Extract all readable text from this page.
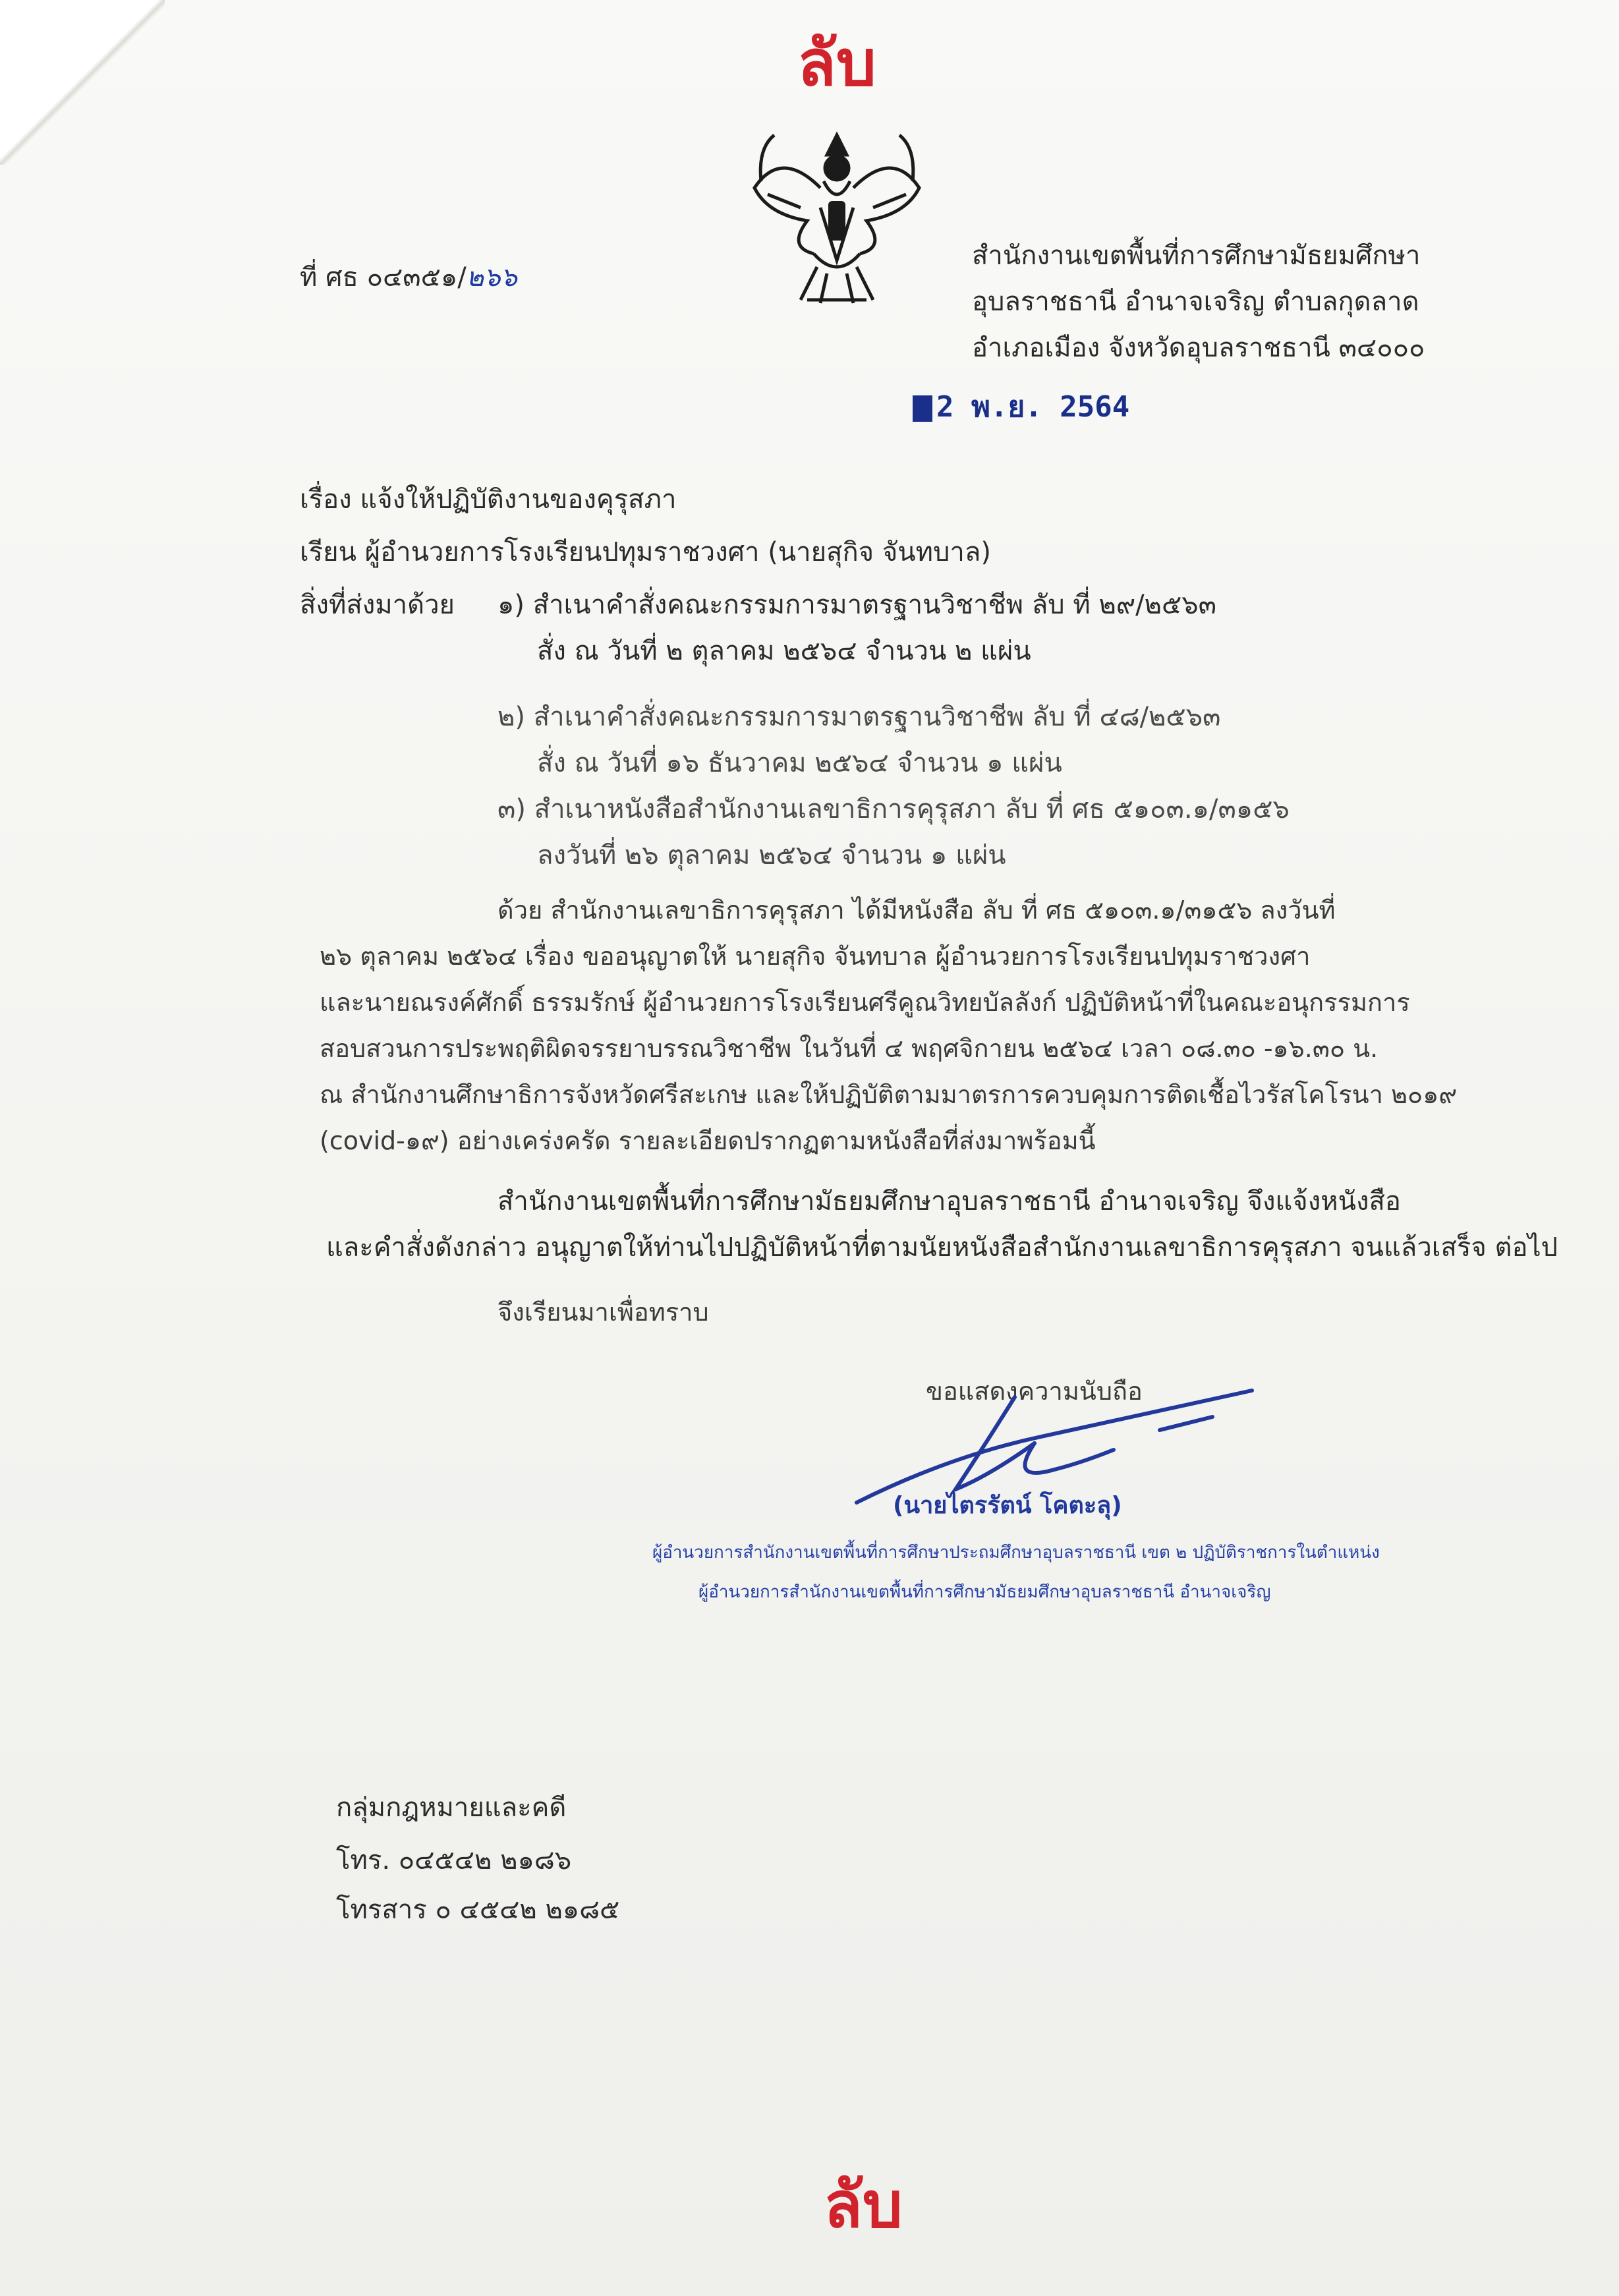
ลับ
ที่ ศธ ๐๔๓๕๑/๒๖๖
สำนักงานเขตพื้นที่การศึกษามัธยมศึกษา
อุบลราชธานี อำนาจเจริญ ตำบลกุดลาด
อำเภอเมือง จังหวัดอุบลราชธานี ๓๔๐๐๐
2 พ.ย. 2564
เรื่อง แจ้งให้ปฏิบัติงานของคุรุสภา
เรียน ผู้อำนวยการโรงเรียนปทุมราชวงศา (นายสุกิจ จันทบาล)
สิ่งที่ส่งมาด้วย ๑) สำเนาคำสั่งคณะกรรมการมาตรฐานวิชาชีพ ลับ ที่ ๒๙/๒๕๖๓
สั่ง ณ วันที่ ๒ ตุลาคม ๒๕๖๔ จำนวน ๒ แผ่น
๒) สำเนาคำสั่งคณะกรรมการมาตรฐานวิชาชีพ ลับ ที่ ๔๘/๒๕๖๓
สั่ง ณ วันที่ ๑๖ ธันวาคม ๒๕๖๔ จำนวน ๑ แผ่น
๓) สำเนาหนังสือสำนักงานเลขาธิการคุรุสภา ลับ ที่ ศธ ๕๑๐๓.๑/๓๑๕๖
ลงวันที่ ๒๖ ตุลาคม ๒๕๖๔ จำนวน ๑ แผ่น
ด้วย สำนักงานเลขาธิการคุรุสภา ได้มีหนังสือ ลับ ที่ ศธ ๕๑๐๓.๑/๓๑๕๖ ลงวันที่
๒๖ ตุลาคม ๒๕๖๔ เรื่อง ขออนุญาตให้ นายสุกิจ จันทบาล ผู้อำนวยการโรงเรียนปทุมราชวงศา
และนายณรงค์ศักดิ์ ธรรมรักษ์ ผู้อำนวยการโรงเรียนศรีคูณวิทยบัลลังก์ ปฏิบัติหน้าที่ในคณะอนุกรรมการ
สอบสวนการประพฤติผิดจรรยาบรรณวิชาชีพ ในวันที่ ๔ พฤศจิกายน ๒๕๖๔ เวลา ๐๘.๓๐ -๑๖.๓๐ น.
ณ สำนักงานศึกษาธิการจังหวัดศรีสะเกษ และให้ปฏิบัติตามมาตรการควบคุมการติดเชื้อไวรัสโคโรนา ๒๐๑๙
(covid-๑๙) อย่างเคร่งครัด รายละเอียดปรากฏตามหนังสือที่ส่งมาพร้อมนี้
สำนักงานเขตพื้นที่การศึกษามัธยมศึกษาอุบลราชธานี อำนาจเจริญ จึงแจ้งหนังสือ
และคำสั่งดังกล่าว อนุญาตให้ท่านไปปฏิบัติหน้าที่ตามนัยหนังสือสำนักงานเลขาธิการคุรุสภา จนแล้วเสร็จ ต่อไป
จึงเรียนมาเพื่อทราบ
ขอแสดงความนับถือ
(นายไตรรัตน์ โคตะลุ)
ผู้อำนวยการสำนักงานเขตพื้นที่การศึกษาประถมศึกษาอุบลราชธานี เขต ๒ ปฏิบัติราชการในตำแหน่ง
ผู้อำนวยการสำนักงานเขตพื้นที่การศึกษามัธยมศึกษาอุบลราชธานี อำนาจเจริญ
กลุ่มกฎหมายและคดี
โทร. ๐๔๕๔๒ ๒๑๘๖
โทรสาร ๐ ๔๕๔๒ ๒๑๘๕
ลับ
